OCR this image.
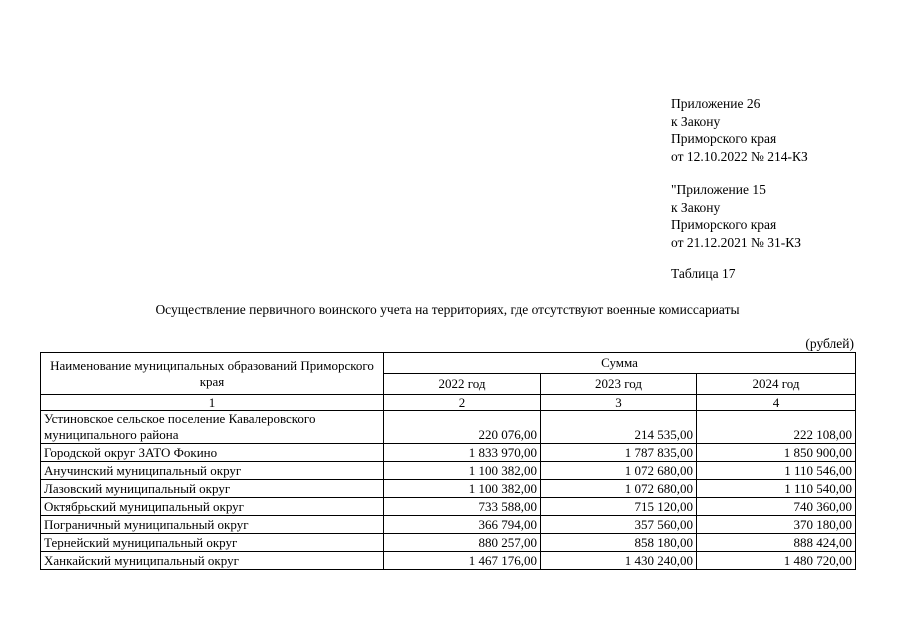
Приложение 26
к Закону
Приморского края
от 12.10.2022 № 214-КЗ
"Приложение 15
к Закону
Приморского края
от 21.12.2021 № 31-КЗ
Таблица 17
Осуществление первичного воинского учета на территориях, где отсутствуют военные комиссариаты
(рублей)
Наименование муниципальных образований Приморского края	Сумма		
	2022 год	2023 год	2024 год
1	2	3	4
Устиновское сельское поселение Кавалеровского муниципального района	220 076,00	214 535,00	222 108,00
Городской округ ЗАТО Фокино	1 833 970,00	1 787 835,00	1 850 900,00
Анучинский муниципальный округ	1 100 382,00	1 072 680,00	1 110 546,00
Лазовский муниципальный округ	1 100 382,00	1 072 680,00	1 110 540,00
Октябрьский муниципальный округ	733 588,00	715 120,00	740 360,00
Пограничный муниципальный округ	366 794,00	357 560,00	370 180,00
Тернейский муниципальный округ	880 257,00	858 180,00	888 424,00
Ханкайский муниципальный округ	1 467 176,00	1 430 240,00	1 480 720,00
